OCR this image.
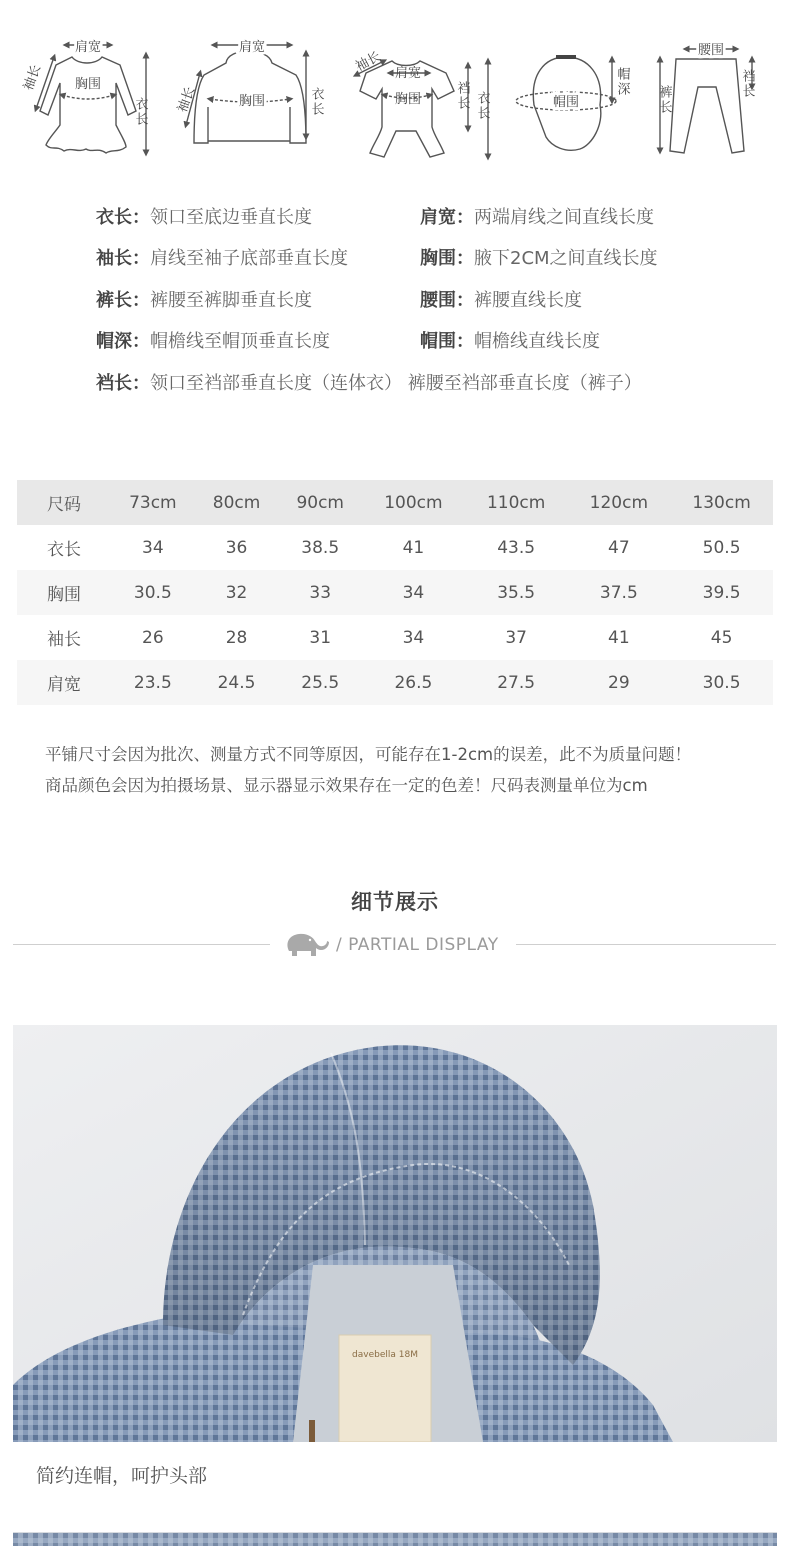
肩宽
胸围
袖长
衣长
肩宽
胸围
袖长	衣长
袖长 肩宽
胸围	裆长 衣长	帽围
帽深
腰围
裤长
裆长
衣长：领口至底边垂直长度	肩宽：两端肩线之间直线长度
袖长：肩线至袖子底部垂直长度	胸围：腋下2CM之间直线长度
裤长：裤腰至裤脚垂直长度	腰围：裤腰直线长度
帽深：帽檐线至帽顶垂直长度	帽围：帽檐线直线长度
裆长：领口至裆部垂直长度（连体衣） 裤腰至裆部垂直长度（裤子）
尺码	73cm	80cm	90cm	100cm	110cm	120cm	130cm
衣长	34	36	38.5	41	43.5	47	50.5
胸围	30.5	32	33	34	35.5	37.5	39.5
袖长	26	28	31	34	37	41	45
肩宽	23.5	24.5	25.5	26.5	27.5	29	30.5
平铺尺寸会因为批次、测量方式不同等原因，可能存在1-2cm的误差，此不为质量问题！
商品颜色会因为拍摄场景、显示器显示效果存在一定的色差！尺码表测量单位为cm
细节展示
/ PARTIAL DISPLAY
davebella 18M
简约连帽，呵护头部
